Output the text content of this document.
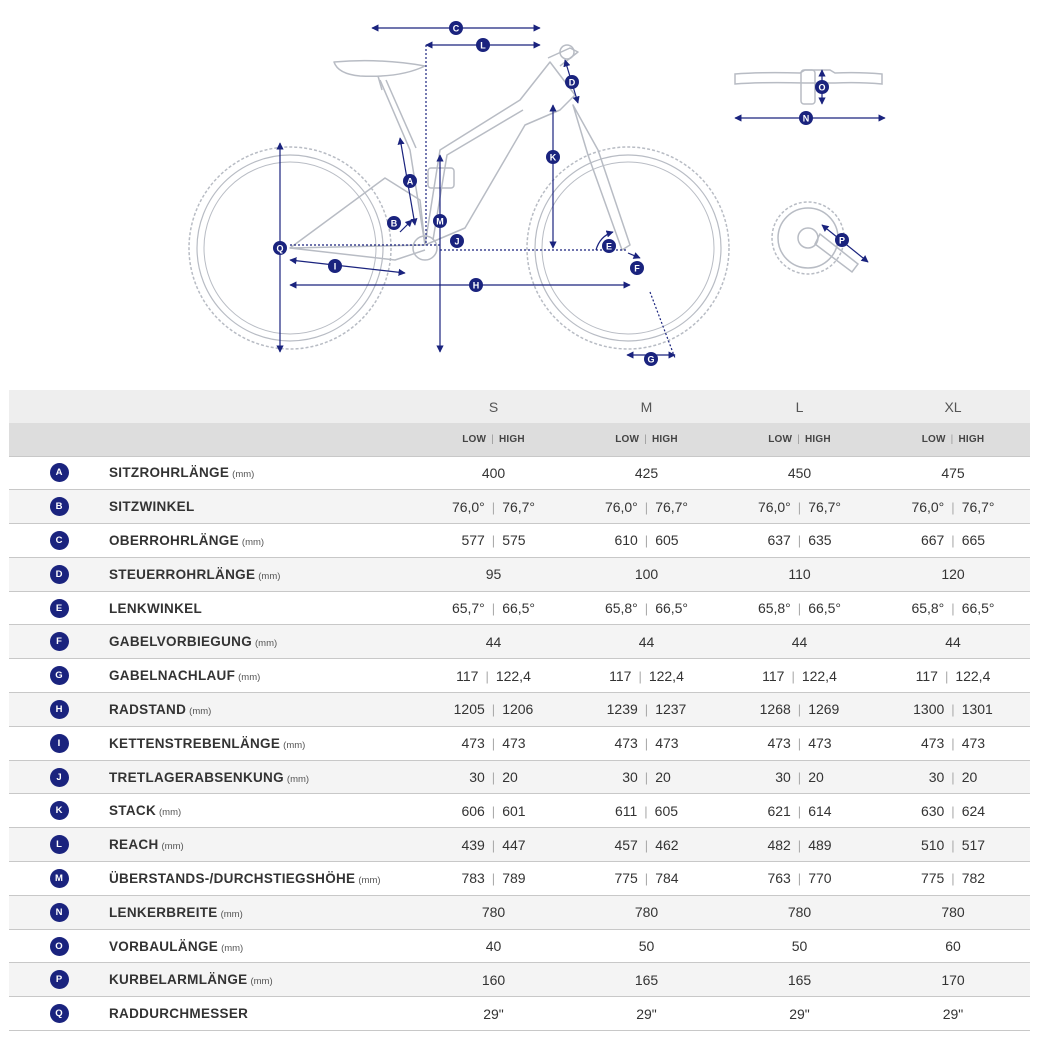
C
L
D
K
A
B	M
J
Q
I
H
E
F
G
O
N
P
		S	M	L	XL
		LOW | HIGH	LOW | HIGH	LOW | HIGH	LOW | HIGH
A	SITZROHRLÄNGE (mm)	400	425	450	475
B	SITZWINKEL	76,0° | 76,7°	76,0° | 76,7°	76,0° | 76,7°	76,0° | 76,7°
C	OBERROHRLÄNGE (mm)	577 | 575	610 | 605	637 | 635	667 | 665
D	STEUERROHRLÄNGE (mm)	95	100	110	120
E	LENKWINKEL	65,7° | 66,5°	65,8° | 66,5°	65,8° | 66,5°	65,8° | 66,5°
F	GABELVORBIEGUNG (mm)	44	44	44	44
G	GABELNACHLAUF (mm)	117 | 122,4	117 | 122,4	117 | 122,4	117 | 122,4
H	RADSTAND (mm)	1205 | 1206	1239 | 1237	1268 | 1269	1300 | 1301
I	KETTENSTREBENLÄNGE (mm)	473 | 473	473 | 473	473 | 473	473 | 473
J	TRETLAGERABSENKUNG (mm)	30 | 20	30 | 20	30 | 20	30 | 20
K	STACK (mm)	606 | 601	611 | 605	621 | 614	630 | 624
L	REACH (mm)	439 | 447	457 | 462	482 | 489	510 | 517
M	ÜBERSTANDS-/DURCHSTIEGSHÖHE (mm)	783 | 789	775 | 784	763 | 770	775 | 782
N	LENKERBREITE (mm)	780	780	780	780
O	VORBAULÄNGE (mm)	40	50	50	60
P	KURBELARMLÄNGE (mm)	160	165	165	170
Q	RADDURCHMESSER	29"	29"	29"	29"
